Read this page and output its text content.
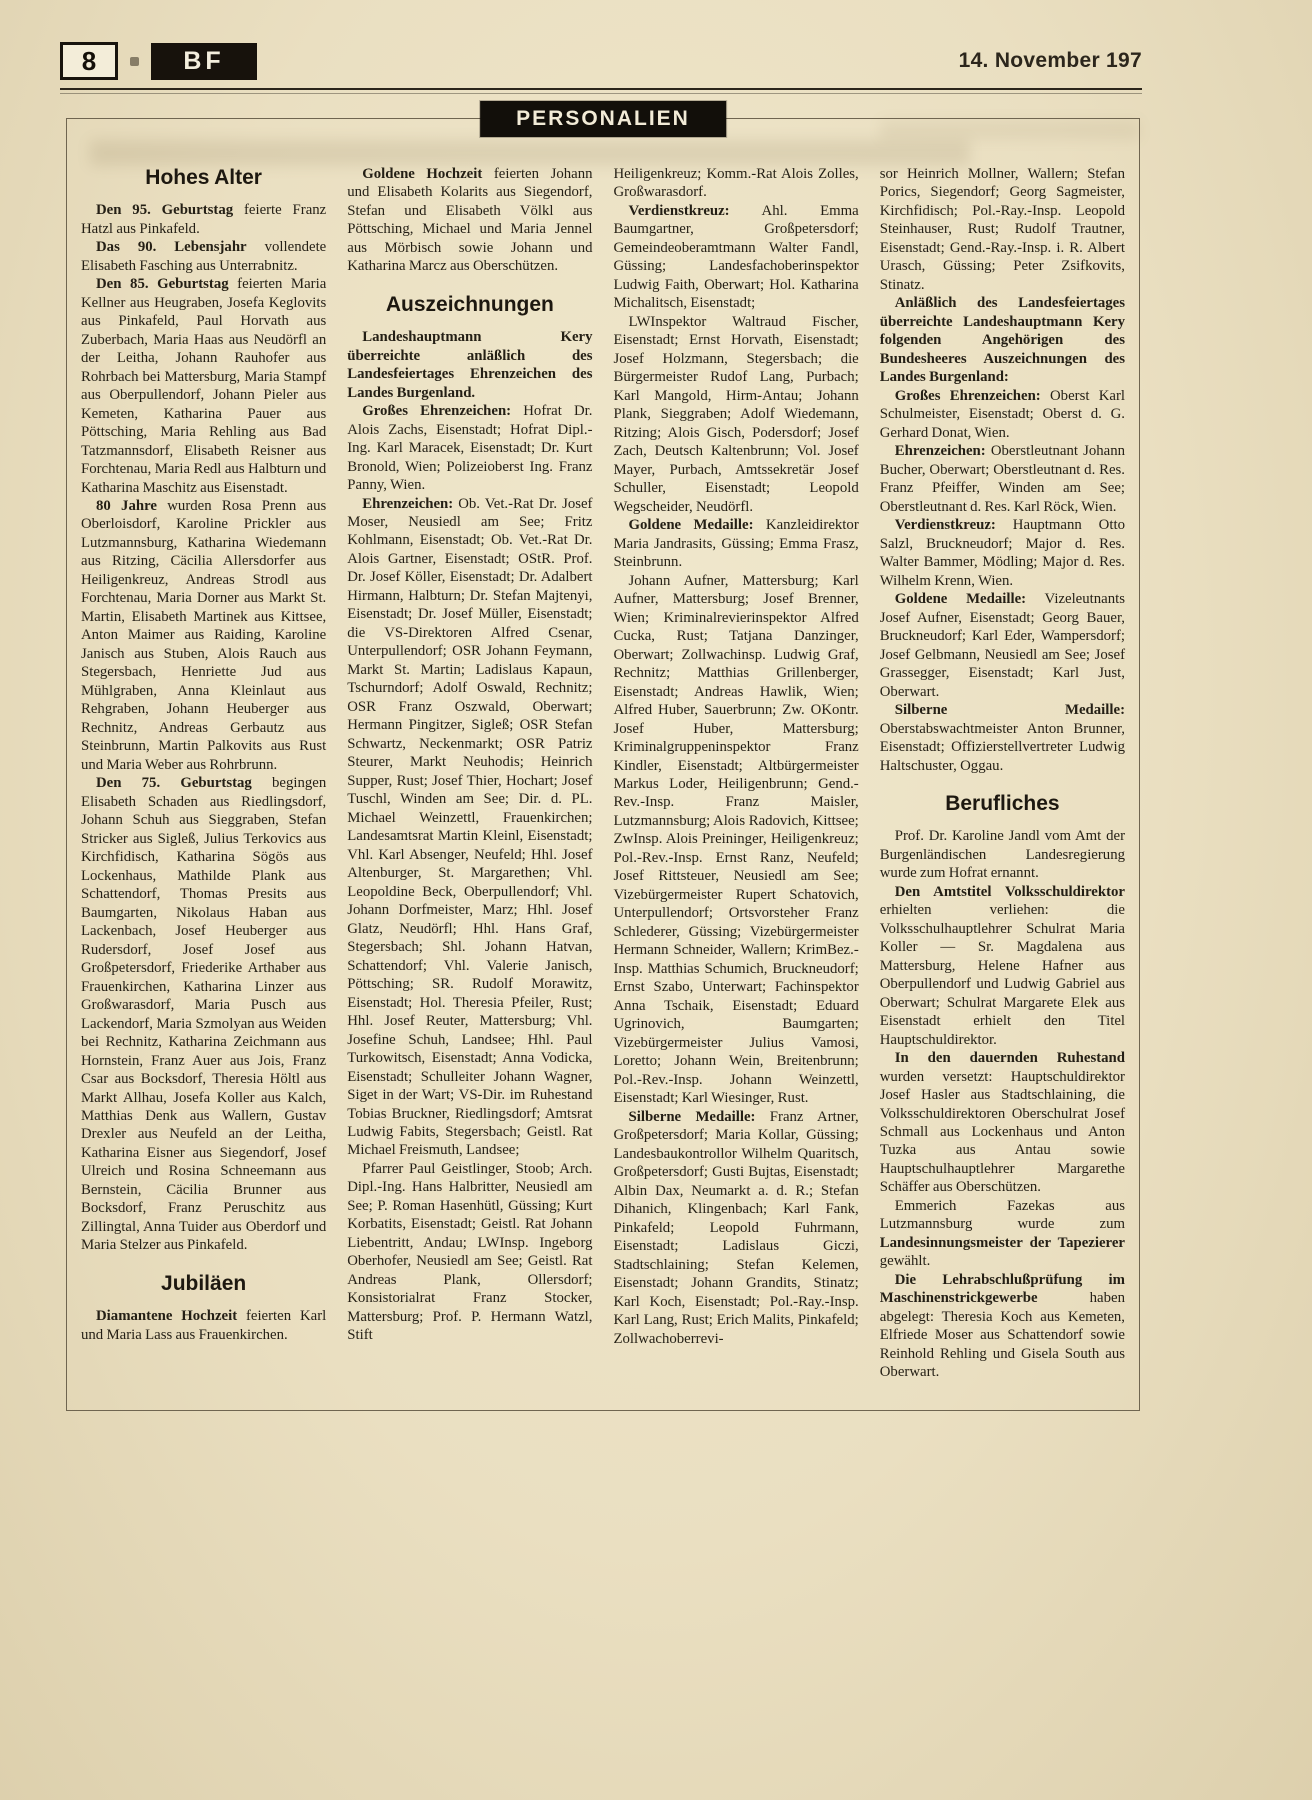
8	BF	14. November 197
PERSONALIEN
Hohes Alter

Den 95. Geburtstag feierte Franz Hatzl aus Pinkafeld.

Das 90. Lebensjahr vollendete Elisabeth Fasching aus Unterrabnitz.

Den 85. Geburtstag feierten Maria Kellner aus Heugraben, Josefa Keglovits aus Pinkafeld, Paul Horvath aus Zuberbach, Maria Haas aus Neudörfl an der Leitha, Johann Rauhofer aus Rohrbach bei Mattersburg, Maria Stampf aus Oberpullendorf, Johann Pieler aus Kemeten, Katharina Pauer aus Pöttsching, Maria Rehling aus Bad Tatzmannsdorf, Elisabeth Reisner aus Forchtenau, Maria Redl aus Halbturn und Katharina Maschitz aus Eisenstadt.

80 Jahre wurden Rosa Prenn aus Oberloisdorf, Karoline Prickler aus Lutzmannsburg, Katharina Wiedemann aus Ritzing, Cäcilia Allersdorfer aus Heiligenkreuz, Andreas Strodl aus Forchtenau, Maria Dorner aus Markt St. Martin, Elisabeth Martinek aus Kittsee, Anton Maimer aus Raiding, Karoline Janisch aus Stuben, Alois Rauch aus Stegersbach, Henriette Jud aus Mühlgraben, Anna Kleinlaut aus Rehgraben, Johann Heuberger aus Rechnitz, Andreas Gerbautz aus Steinbrunn, Martin Palkovits aus Rust und Maria Weber aus Rohrbrunn.

Den 75. Geburtstag begingen Elisabeth Schaden aus Riedlingsdorf, Johann Schuh aus Sieggraben, Stefan Stricker aus Sigleß, Julius Terkovics aus Kirchfidisch, Katharina Sögös aus Lockenhaus, Mathilde Plank aus Schattendorf, Thomas Presits aus Baumgarten, Nikolaus Haban aus Lackenbach, Josef Heuberger aus Rudersdorf, Josef Josef aus Großpetersdorf, Friederike Arthaber aus Frauenkirchen, Katharina Linzer aus Großwarasdorf, Maria Pusch aus Lackendorf, Maria Szmolyan aus Weiden bei Rechnitz, Katharina Zeichmann aus Hornstein, Franz Auer aus Jois, Franz Csar aus Bocksdorf, Theresia Höltl aus Markt Allhau, Josefa Koller aus Kalch, Matthias Denk aus Wallern, Gustav Drexler aus Neufeld an der Leitha, Katharina Eisner aus Siegendorf, Josef Ulreich und Rosina Schneemann aus Bernstein, Cäcilia Brunner aus Bocksdorf, Franz Peruschitz aus Zillingtal, Anna Tuider aus Oberdorf und Maria Stelzer aus Pinkafeld.

Jubiläen

Diamantene Hochzeit feierten Karl und Maria Lass aus Frauenkirchen.

Goldene Hochzeit feierten Johann und Elisabeth Kolarits aus Siegendorf, Stefan und Elisabeth Völkl aus Pöttsching, Michael und Maria Jennel aus Mörbisch sowie Johann und Katharina Marcz aus Oberschützen.

Auszeichnungen

Landeshauptmann Kery überreichte anläßlich des Landesfeiertages Ehrenzeichen des Landes Burgenland.

Großes Ehrenzeichen: Hofrat Dr. Alois Zachs, Eisenstadt; Hofrat Dipl.-Ing. Karl Maracek, Eisenstadt; Dr. Kurt Bronold, Wien; Polizeioberst Ing. Franz Panny, Wien.

Ehrenzeichen: Ob. Vet.-Rat Dr. Josef Moser, Neusiedl am See; Fritz Kohlmann, Eisenstadt; Ob. Vet.-Rat Dr. Alois Gartner, Eisenstadt; OStR. Prof. Dr. Josef Köller, Eisenstadt; Dr. Adalbert Hirmann, Halbturn; Dr. Stefan Majtenyi, Eisenstadt; Dr. Josef Müller, Eisenstadt; die VS-Direktoren Alfred Csenar, Unterpullendorf; OSR Johann Feymann, Markt St. Martin; Ladislaus Kapaun, Tschurndorf; Adolf Oswald, Rechnitz; OSR Franz Oszwald, Oberwart; Hermann Pingitzer, Sigleß; OSR Stefan Schwartz, Neckenmarkt; OSR Patriz Steurer, Markt Neuhodis; Heinrich Supper, Rust; Josef Thier, Hochart; Josef Tuschl, Winden am See; Dir. d. PL. Michael Weinzettl, Frauenkirchen; Landesamtsrat Martin Kleinl, Eisenstadt; Vhl. Karl Absenger, Neufeld; Hhl. Josef Altenburger, St. Margarethen; Vhl. Leopoldine Beck, Oberpullendorf; Vhl. Johann Dorfmeister, Marz; Hhl. Josef Glatz, Neudörfl; Hhl. Hans Graf, Stegersbach; Shl. Johann Hatvan, Schattendorf; Vhl. Valerie Janisch, Pöttsching; SR. Rudolf Morawitz, Eisenstadt; Hol. Theresia Pfeiler, Rust; Hhl. Josef Reuter, Mattersburg; Vhl. Josefine Schuh, Landsee; Hhl. Paul Turkowitsch, Eisenstadt; Anna Vodicka, Eisenstadt; Schulleiter Johann Wagner, Siget in der Wart; VS-Dir. im Ruhestand Tobias Bruckner, Riedlingsdorf; Amtsrat Ludwig Fabits, Stegersbach; Geistl. Rat Michael Freismuth, Landsee;

Pfarrer Paul Geistlinger, Stoob; Arch. Dipl.-Ing. Hans Halbritter, Neusiedl am See; P. Roman Hasenhütl, Güssing; Kurt Korbatits, Eisenstadt; Geistl. Rat Johann Liebentritt, Andau; LWInsp. Ingeborg Oberhofer, Neusiedl am See; Geistl. Rat Andreas Plank, Ollersdorf; Konsistorialrat Franz Stocker, Mattersburg; Prof. P. Hermann Watzl, Stift

Heiligenkreuz; Komm.-Rat Alois Zolles, Großwarasdorf.

Verdienstkreuz: Ahl. Emma Baumgartner, Großpetersdorf; Gemeindeoberamtmann Walter Fandl, Güssing; Landesfachoberinspektor Ludwig Faith, Oberwart; Hol. Katharina Michalitsch, Eisenstadt;

LWInspektor Waltraud Fischer, Eisenstadt; Ernst Horvath, Eisenstadt; Josef Holzmann, Stegersbach; die Bürgermeister Rudof Lang, Purbach; Karl Mangold, Hirm-Antau; Johann Plank, Sieggraben; Adolf Wiedemann, Ritzing; Alois Gisch, Podersdorf; Josef Zach, Deutsch Kaltenbrunn; Vol. Josef Mayer, Purbach, Amtssekretär Josef Schuller, Eisenstadt; Leopold Wegscheider, Neudörfl.

Goldene Medaille: Kanzleidirektor Maria Jandrasits, Güssing; Emma Frasz, Steinbrunn.

Johann Aufner, Mattersburg; Karl Aufner, Mattersburg; Josef Brenner, Wien; Kriminalrevierinspektor Alfred Cucka, Rust; Tatjana Danzinger, Oberwart; Zollwachinsp. Ludwig Graf, Rechnitz; Matthias Grillenberger, Eisenstadt; Andreas Hawlik, Wien; Alfred Huber, Sauerbrunn; Zw. OKontr. Josef Huber, Mattersburg; Kriminalgruppeninspektor Franz Kindler, Eisenstadt; Altbürgermeister Markus Loder, Heiligenbrunn; Gend.-Rev.-Insp. Franz Maisler, Lutzmannsburg; Alois Radovich, Kittsee; ZwInsp. Alois Preininger, Heiligenkreuz; Pol.-Rev.-Insp. Ernst Ranz, Neufeld; Josef Rittsteuer, Neusiedl am See; Vizebürgermeister Rupert Schatovich, Unterpullendorf; Ortsvorsteher Franz Schlederer, Güssing; Vizebürgermeister Hermann Schneider, Wallern; KrimBez.-Insp. Matthias Schumich, Bruckneudorf; Ernst Szabo, Unterwart; Fachinspektor Anna Tschaik, Eisenstadt; Eduard Ugrinovich, Baumgarten; Vizebürgermeister Julius Vamosi, Loretto; Johann Wein, Breitenbrunn; Pol.-Rev.-Insp. Johann Weinzettl, Eisenstadt; Karl Wiesinger, Rust.

Silberne Medaille: Franz Artner, Großpetersdorf; Maria Kollar, Güssing; Landesbaukontrollor Wilhelm Quaritsch, Großpetersdorf; Gusti Bujtas, Eisenstadt; Albin Dax, Neumarkt a. d. R.; Stefan Dihanich, Klingenbach; Karl Fank, Pinkafeld; Leopold Fuhrmann, Eisenstadt; Ladislaus Giczi, Stadtschlaining; Stefan Kelemen, Eisenstadt; Johann Grandits, Stinatz; Karl Koch, Eisenstadt; Pol.-Ray.-Insp. Karl Lang, Rust; Erich Malits, Pinkafeld; Zollwachoberrevi-

sor Heinrich Mollner, Wallern; Stefan Porics, Siegendorf; Georg Sagmeister, Kirchfidisch; Pol.-Ray.-Insp. Leopold Steinhauser, Rust; Rudolf Trautner, Eisenstadt; Gend.-Ray.-Insp. i. R. Albert Urasch, Güssing; Peter Zsifkovits, Stinatz.

Anläßlich des Landesfeiertages überreichte Landeshauptmann Kery folgenden Angehörigen des Bundesheeres Auszeichnungen des Landes Burgenland:

Großes Ehrenzeichen: Oberst Karl Schulmeister, Eisenstadt; Oberst d. G. Gerhard Donat, Wien.

Ehrenzeichen: Oberstleutnant Johann Bucher, Oberwart; Oberstleutnant d. Res. Franz Pfeiffer, Winden am See; Oberstleutnant d. Res. Karl Röck, Wien.

Verdienstkreuz: Hauptmann Otto Salzl, Bruckneudorf; Major d. Res. Walter Bammer, Mödling; Major d. Res. Wilhelm Krenn, Wien.

Goldene Medaille: Vizeleutnants Josef Aufner, Eisenstadt; Georg Bauer, Bruckneudorf; Karl Eder, Wampersdorf; Josef Gelbmann, Neusiedl am See; Josef Grassegger, Eisenstadt; Karl Just, Oberwart.

Silberne Medaille: Oberstabswachtmeister Anton Brunner, Eisenstadt; Offizierstellvertreter Ludwig Haltschuster, Oggau.

Berufliches

Prof. Dr. Karoline Jandl vom Amt der Burgenländischen Landesregierung wurde zum Hofrat ernannt.

Den Amtstitel Volksschuldirektor erhielten verliehen: die Volksschulhauptlehrer Schulrat Maria Koller — Sr. Magdalena aus Mattersburg, Helene Hafner aus Oberpullendorf und Ludwig Gabriel aus Oberwart; Schulrat Margarete Elek aus Eisenstadt erhielt den Titel Hauptschuldirektor.

In den dauernden Ruhestand wurden versetzt: Hauptschuldirektor Josef Hasler aus Stadtschlaining, die Volksschuldirektoren Oberschulrat Josef Schmall aus Lockenhaus und Anton Tuzka aus Antau sowie Hauptschulhauptlehrer Margarethe Schäffer aus Oberschützen.

Emmerich Fazekas aus Lutzmannsburg wurde zum Landesinnungsmeister der Tapezierer gewählt.

Die Lehrabschlußprüfung im Maschinenstrickgewerbe haben abgelegt: Theresia Koch aus Kemeten, Elfriede Moser aus Schattendorf sowie Reinhold Rehling und Gisela South aus Oberwart.
